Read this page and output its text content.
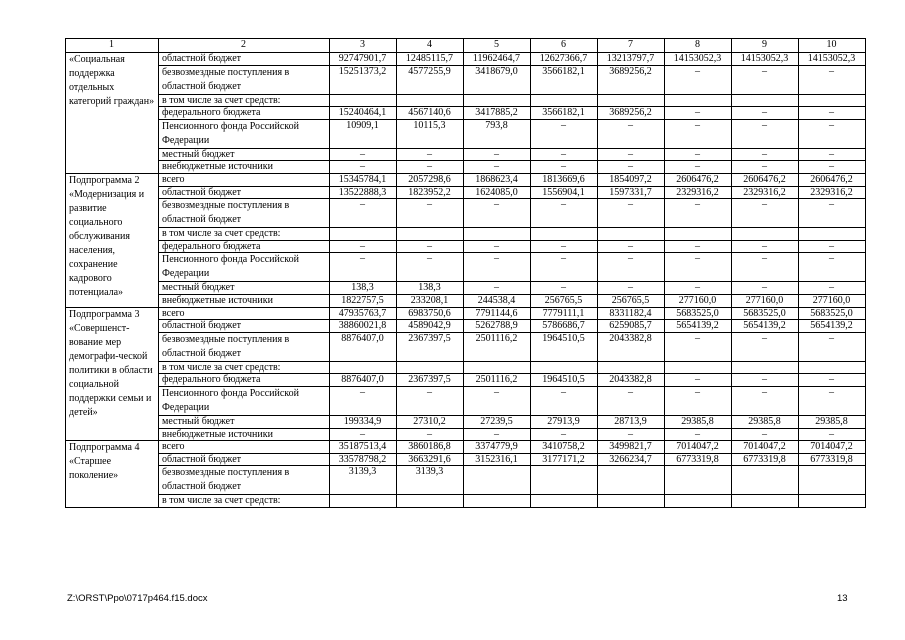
1	2	3	4	5	6	7	8	9	10
«Социальная поддержка отдельных категорий граждан»	областной бюджет	92747901,7	12485115,7	11962464,7	12627366,7	13213797,7	14153052,3	14153052,3	14153052,3
	безвозмездные поступления в областной бюджет	15251373,2	4577255,9	3418679,0	3566182,1	3689256,2	–	–	–
	в том числе за счет средств:								
	федерального бюджета	15240464,1	4567140,6	3417885,2	3566182,1	3689256,2	–	–	–
	Пенсионного фонда Российской Федерации	10909,1	10115,3	793,8	–	–	–	–	–
	местный бюджет	–	–	–	–	–	–	–	–
	внебюджетные источники	–	–	–	–	–	–	–	–
Подпрограмма 2 «Модернизация и развитие социального обслуживания населения, сохранение кадрового потенциала»	всего	15345784,1	2057298,6	1868623,4	1813669,6	1854097,2	2606476,2	2606476,2	2606476,2
	областной бюджет	13522888,3	1823952,2	1624085,0	1556904,1	1597331,7	2329316,2	2329316,2	2329316,2
	безвозмездные поступления в областной бюджет	–	–	–	–	–	–	–	–
	в том числе за счет средств:								
	федерального бюджета	–	–	–	–	–	–	–	–
	Пенсионного фонда Российской Федерации	–	–	–	–	–	–	–	–
	местный бюджет	138,3	138,3	–	–	–	–	–	–
	внебюджетные источники	1822757,5	233208,1	244538,4	256765,5	256765,5	277160,0	277160,0	277160,0
Подпрограмма 3 «Совершенст-вование мер демографи-ческой политики в области социальной поддержки семьи и детей»	всего	47935763,7	6983750,6	7791144,6	7779111,1	8331182,4	5683525,0	5683525,0	5683525,0
	областной бюджет	38860021,8	4589042,9	5262788,9	5786686,7	6259085,7	5654139,2	5654139,2	5654139,2
	безвозмездные поступления в областной бюджет	8876407,0	2367397,5	2501116,2	1964510,5	2043382,8	–	–	–
	в том числе за счет средств:								
	федерального бюджета	8876407,0	2367397,5	2501116,2	1964510,5	2043382,8	–	–	–
	Пенсионного фонда Российской Федерации	–	–	–	–	–	–	–	–
	местный бюджет	199334,9	27310,2	27239,5	27913,9	28713,9	29385,8	29385,8	29385,8
	внебюджетные источники	–	–	–	–	–	–	–	–
Подпрограмма 4 «Старшее поколение»	всего	35187513,4	3860186,8	3374779,9	3410758,2	3499821,7	7014047,2	7014047,2	7014047,2
	областной бюджет	33578798,2	3663291,6	3152316,1	3177171,2	3266234,7	6773319,8	6773319,8	6773319,8
	безвозмездные поступления в областной бюджет	3139,3	3139,3						
	в том числе за счет средств:								
Z:\ORST\Ppo\0717p464.f15.docx	13
